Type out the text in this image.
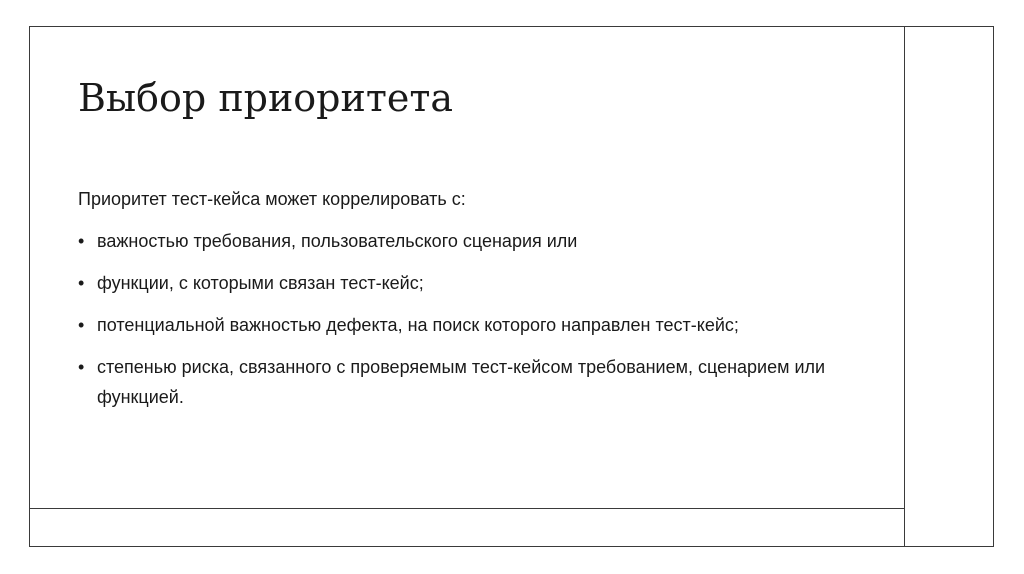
Выбор приоритета

Приоритет тест-кейса может коррелировать с:

• важностью требования, пользовательского сценария или
• функции, с которыми связан тест-кейс;
• потенциальной важностью дефекта, на поиск которого направлен тест-кейс;
• степенью риска, связанного с проверяемым тест-кейсом требованием, сценарием или функцией.
